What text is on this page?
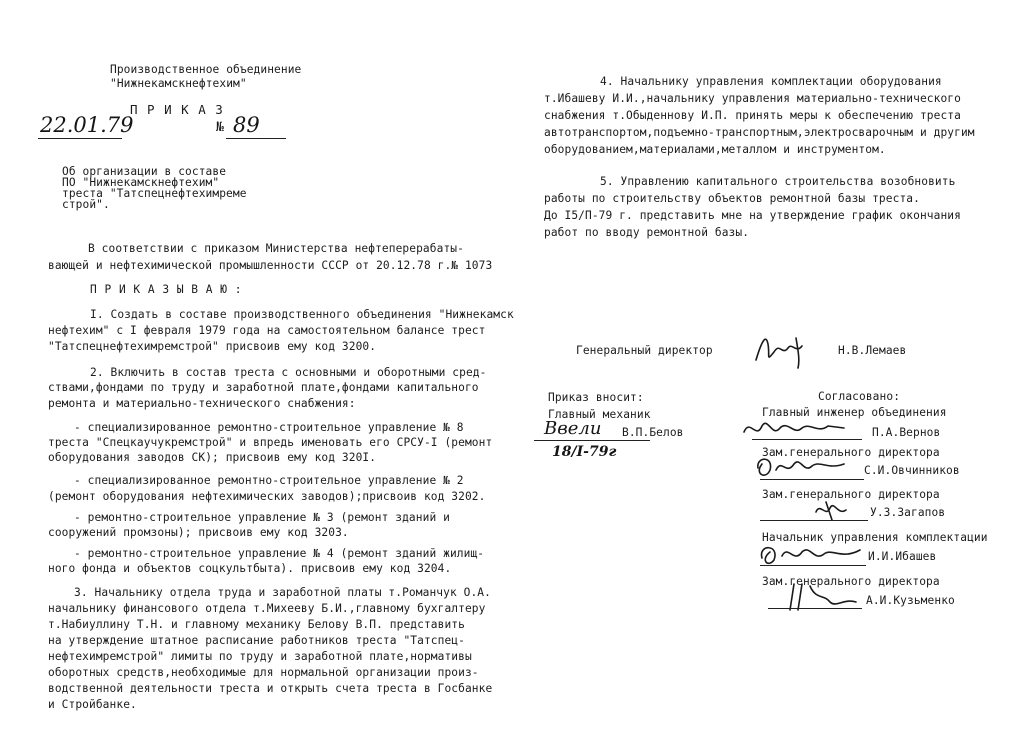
Производственное объединение
"Нижнекамскнефтехим"
П Р И К А З
22.01.79	№ 89
Об организации в составе
ПО "Нижнекамскнефтехим"
треста "Татспецнефтехимреме
строй".
В соответствии с приказом Министерства нефтеперерабаты-
вающей и нефтехимической промышленности СССР от 20.12.78 г.№ 1073
П Р И К А З Ы В А Ю :
I. Создать в составе производственного объединения "Нижнекамск
нефтехим" с I февраля 1979 года на самостоятельном балансе трест
"Татспецнефтехимремстрой" присвоив ему код 3200.
2. Включить в состав треста с основными и оборотными сред-
ствами,фондами по труду и заработной плате,фондами капитального
ремонта и материально-технического снабжения:
- специализированное ремонтно-строительное управление № 8
треста "Спецкаучукремстрой" и впредь именовать его СРСУ-I (ремонт
оборудования заводов СК); присвоив ему код 320I.
- специализированное ремонтно-строительное управление № 2
(ремонт оборудования нефтехимических заводов);присвоив код 3202.
- ремонтно-строительное управление № 3 (ремонт зданий и
сооружений промзоны); присвоив ему код 3203.
- ремонтно-строительное управление № 4 (ремонт зданий жилищ-
ного фонда и объектов соцкультбыта). присвоив ему код 3204.
3. Начальнику отдела труда и заработной платы т.Романчук О.А.
начальнику финансового отдела т.Михееву Б.И.,главному бухгалтеру
т.Набиуллину Т.Н. и главному механику Белову В.П. представить
на утверждение штатное расписание работников треста "Татспец-
нефтехимремстрой" лимиты по труду и заработной плате,нормативы
оборотных средств,необходимые для нормальной организации произ-
водственной деятельности треста и открыть счета треста в Госбанке
и Стройбанке.
4. Начальнику управления комплектации оборудования
т.Ибашеву И.И.,начальнику управления материально-технического
снабжения т.Обыденнову И.П. принять меры к обеспечению треста
автотранспортом,подъемно-транспортным,электросварочным и другим
оборудованием,материалами,металлом и инструментом.
5. Управлению капитального строительства возобновить
работы по строительству объектов ремонтной базы треста.
До I5/П-79 г. представить мне на утверждение график окончания
работ по вводу ремонтной базы.
Генеральный директор	Н.В.Лемаев
Приказ вносит:
Главный механик
Ввели В.П.Белов
18/I-79г
Согласовано:
Главный инженер объединения
П.А.Вернов
Зам.генерального директора
С.И.Овчинников
Зам.генерального директора
У.З.Загапов
Начальник управления комплектации
И.И.Ибашев
Зам.генерального директора
А.И.Кузьменко
